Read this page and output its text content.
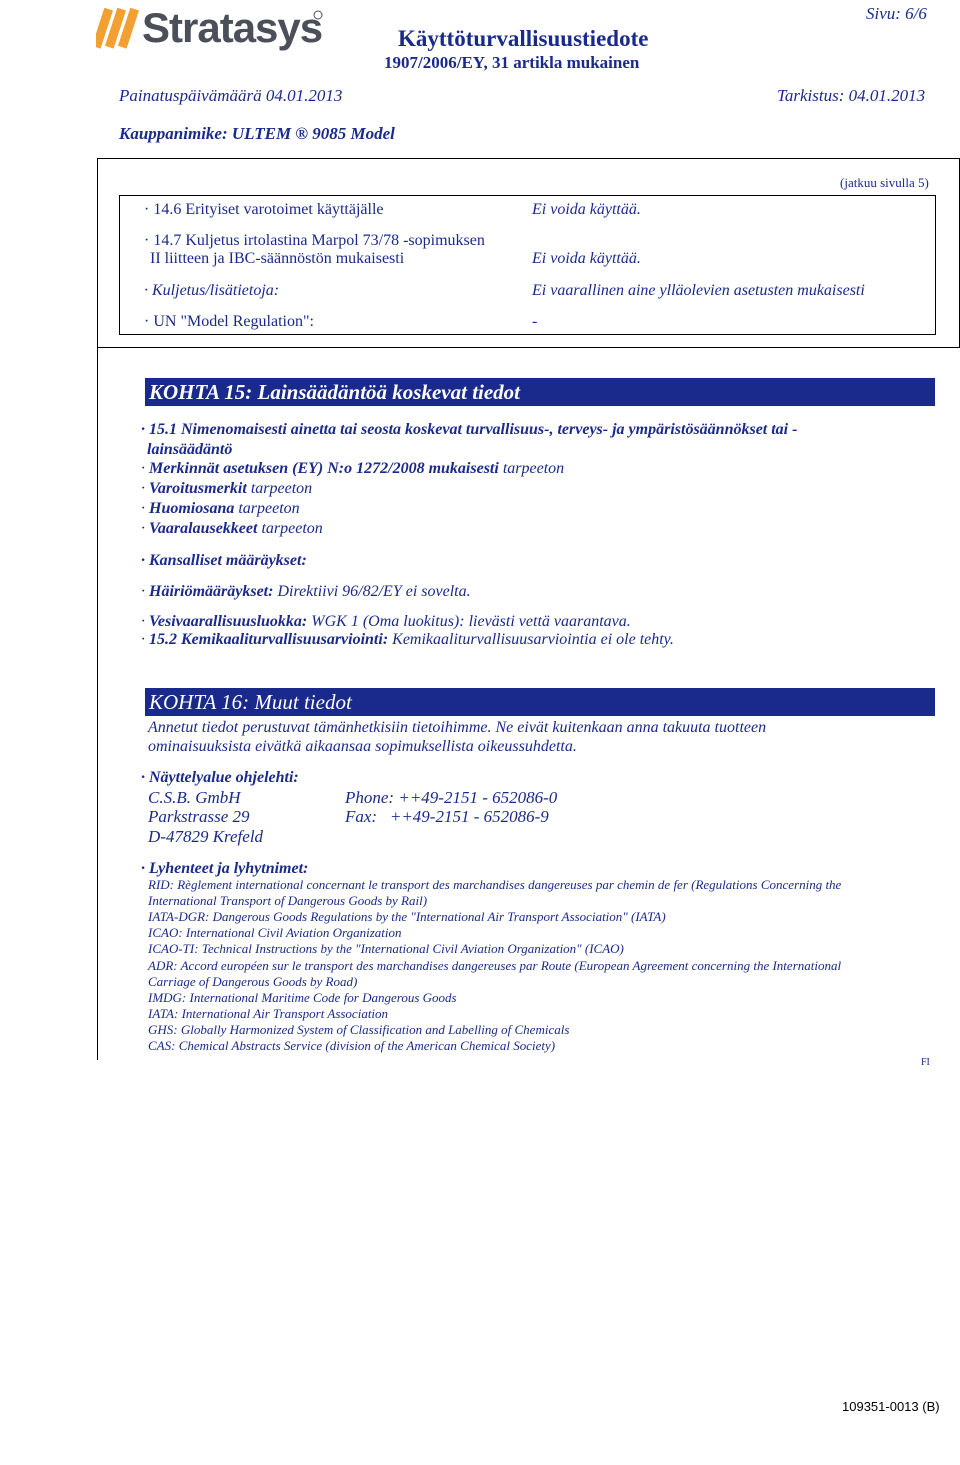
Stratasys	Käyttöturvallisuustiedote
1907/2006/EY, 31 artikla mukainen
Sivu: 6/6
Painatuspäivämäärä 04.01.2013	Tarkistus: 04.01.2013
Kauppanimike: ULTEM ® 9085 Model
(jatkuu sivulla 5)
· 14.6 Erityiset varotoimet käyttäjälle	Ei voida käyttää.
· 14.7 Kuljetus irtolastina Marpol 73/78 -sopimuksen
II liitteen ja IBC-säännöstön mukaisesti	Ei voida käyttää.
· Kuljetus/lisätietoja:	Ei vaarallinen aine ylläolevien asetusten mukaisesti
· UN "Model Regulation":	-
KOHTA 15: Lainsäädäntöä koskevat tiedot
· 15.1 Nimenomaisesti ainetta tai seosta koskevat turvallisuus-, terveys- ja ympäristösäännökset tai -
lainsäädäntö
· Merkinnät asetuksen (EY) N:o 1272/2008 mukaisesti tarpeeton
· Varoitusmerkit tarpeeton
· Huomiosana tarpeeton
· Vaaralausekkeet tarpeeton
· Kansalliset määräykset:
· Häiriömääräykset: Direktiivi 96/82/EY ei sovelta.
· Vesivaarallisuusluokka: WGK 1 (Oma luokitus): lievästi vettä vaarantava.
· 15.2 Kemikaaliturvallisuusarviointi: Kemikaaliturvallisuusarviointia ei ole tehty.
KOHTA 16: Muut tiedot
Annetut tiedot perustuvat tämänhetkisiin tietoihimme. Ne eivät kuitenkaan anna takuuta tuotteen
ominaisuuksista eivätkä aikaansaa sopimuksellista oikeussuhdetta.
· Näyttelyalue ohjelehti:
C.S.B. GmbH
Parkstrasse 29
D-47829 Krefeld
Phone: ++49-2151 - 652086-0
Fax:   ++49-2151 - 652086-9
· Lyhenteet ja lyhytnimet:
RID: Règlement international concernant le transport des marchandises dangereuses par chemin de fer (Regulations Concerning the
International Transport of Dangerous Goods by Rail)
IATA-DGR: Dangerous Goods Regulations by the "International Air Transport Association" (IATA)
ICAO: International Civil Aviation Organization
ICAO-TI: Technical Instructions by the "International Civil Aviation Organization" (ICAO)
ADR: Accord européen sur le transport des marchandises dangereuses par Route (European Agreement concerning the International
Carriage of Dangerous Goods by Road)
IMDG: International Maritime Code for Dangerous Goods
IATA: International Air Transport Association
GHS: Globally Harmonized System of Classification and Labelling of Chemicals
CAS: Chemical Abstracts Service (division of the American Chemical Society)
FI
109351-0013 (B)
